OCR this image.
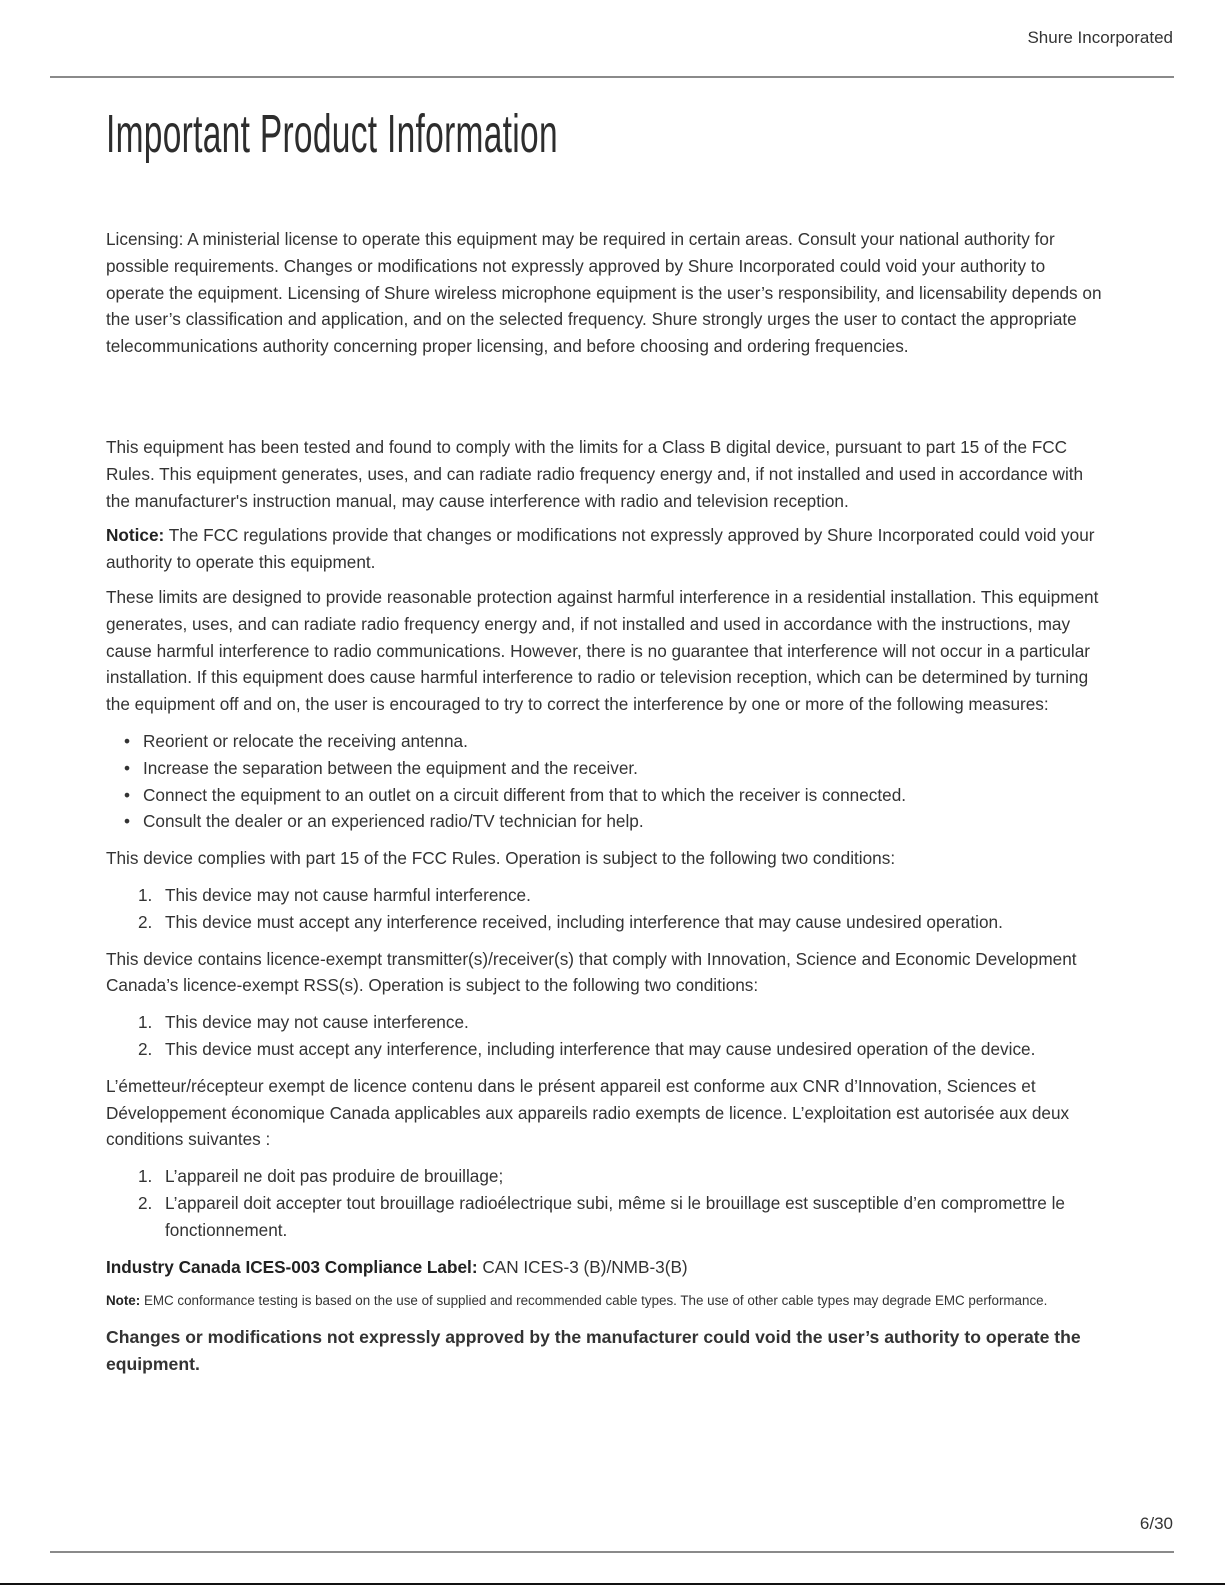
Shure Incorporated
Important Product Information

Licensing: A ministerial license to operate this equipment may be required in certain areas. Consult your national authority for possible requirements. Changes or modifications not expressly approved by Shure Incorporated could void your authority to operate the equipment. Licensing of Shure wireless microphone equipment is the user’s responsibility, and licensability depends on the user’s classification and application, and on the selected frequency. Shure strongly urges the user to contact the appropriate telecommunications authority concerning proper licensing, and before choosing and ordering frequencies.

This equipment has been tested and found to comply with the limits for a Class B digital device, pursuant to part 15 of the FCC Rules. This equipment generates, uses, and can radiate radio frequency energy and, if not installed and used in accordance with the manufacturer's instruction manual, may cause interference with radio and television reception.

Notice: The FCC regulations provide that changes or modifications not expressly approved by Shure Incorporated could void your authority to operate this equipment.

These limits are designed to provide reasonable protection against harmful interference in a residential installation. This equipment generates, uses, and can radiate radio frequency energy and, if not installed and used in accordance with the instructions, may cause harmful interference to radio communications. However, there is no guarantee that interference will not occur in a particular installation. If this equipment does cause harmful interference to radio or television reception, which can be determined by turning the equipment off and on, the user is encouraged to try to correct the interference by one or more of the following measures:

• Reorient or relocate the receiving antenna.
• Increase the separation between the equipment and the receiver.
• Connect the equipment to an outlet on a circuit different from that to which the receiver is connected.
• Consult the dealer or an experienced radio/TV technician for help.

This device complies with part 15 of the FCC Rules. Operation is subject to the following two conditions:

1. This device may not cause harmful interference.
2. This device must accept any interference received, including interference that may cause undesired operation.

This device contains licence-exempt transmitter(s)/receiver(s) that comply with Innovation, Science and Economic Development Canada’s licence-exempt RSS(s). Operation is subject to the following two conditions:

1. This device may not cause interference.
2. This device must accept any interference, including interference that may cause undesired operation of the device.

L’émetteur/récepteur exempt de licence contenu dans le présent appareil est conforme aux CNR d’Innovation, Sciences et Développement économique Canada applicables aux appareils radio exempts de licence. L’exploitation est autorisée aux deux conditions suivantes :

1. L’appareil ne doit pas produire de brouillage;
2. L’appareil doit accepter tout brouillage radioélectrique subi, même si le brouillage est susceptible d’en compromettre le fonctionnement.

Industry Canada ICES-003 Compliance Label: CAN ICES-3 (B)/NMB-3(B)

Note: EMC conformance testing is based on the use of supplied and recommended cable types. The use of other cable types may degrade EMC performance.

Changes or modifications not expressly approved by the manufacturer could void the user’s authority to operate the equipment.

6/30
